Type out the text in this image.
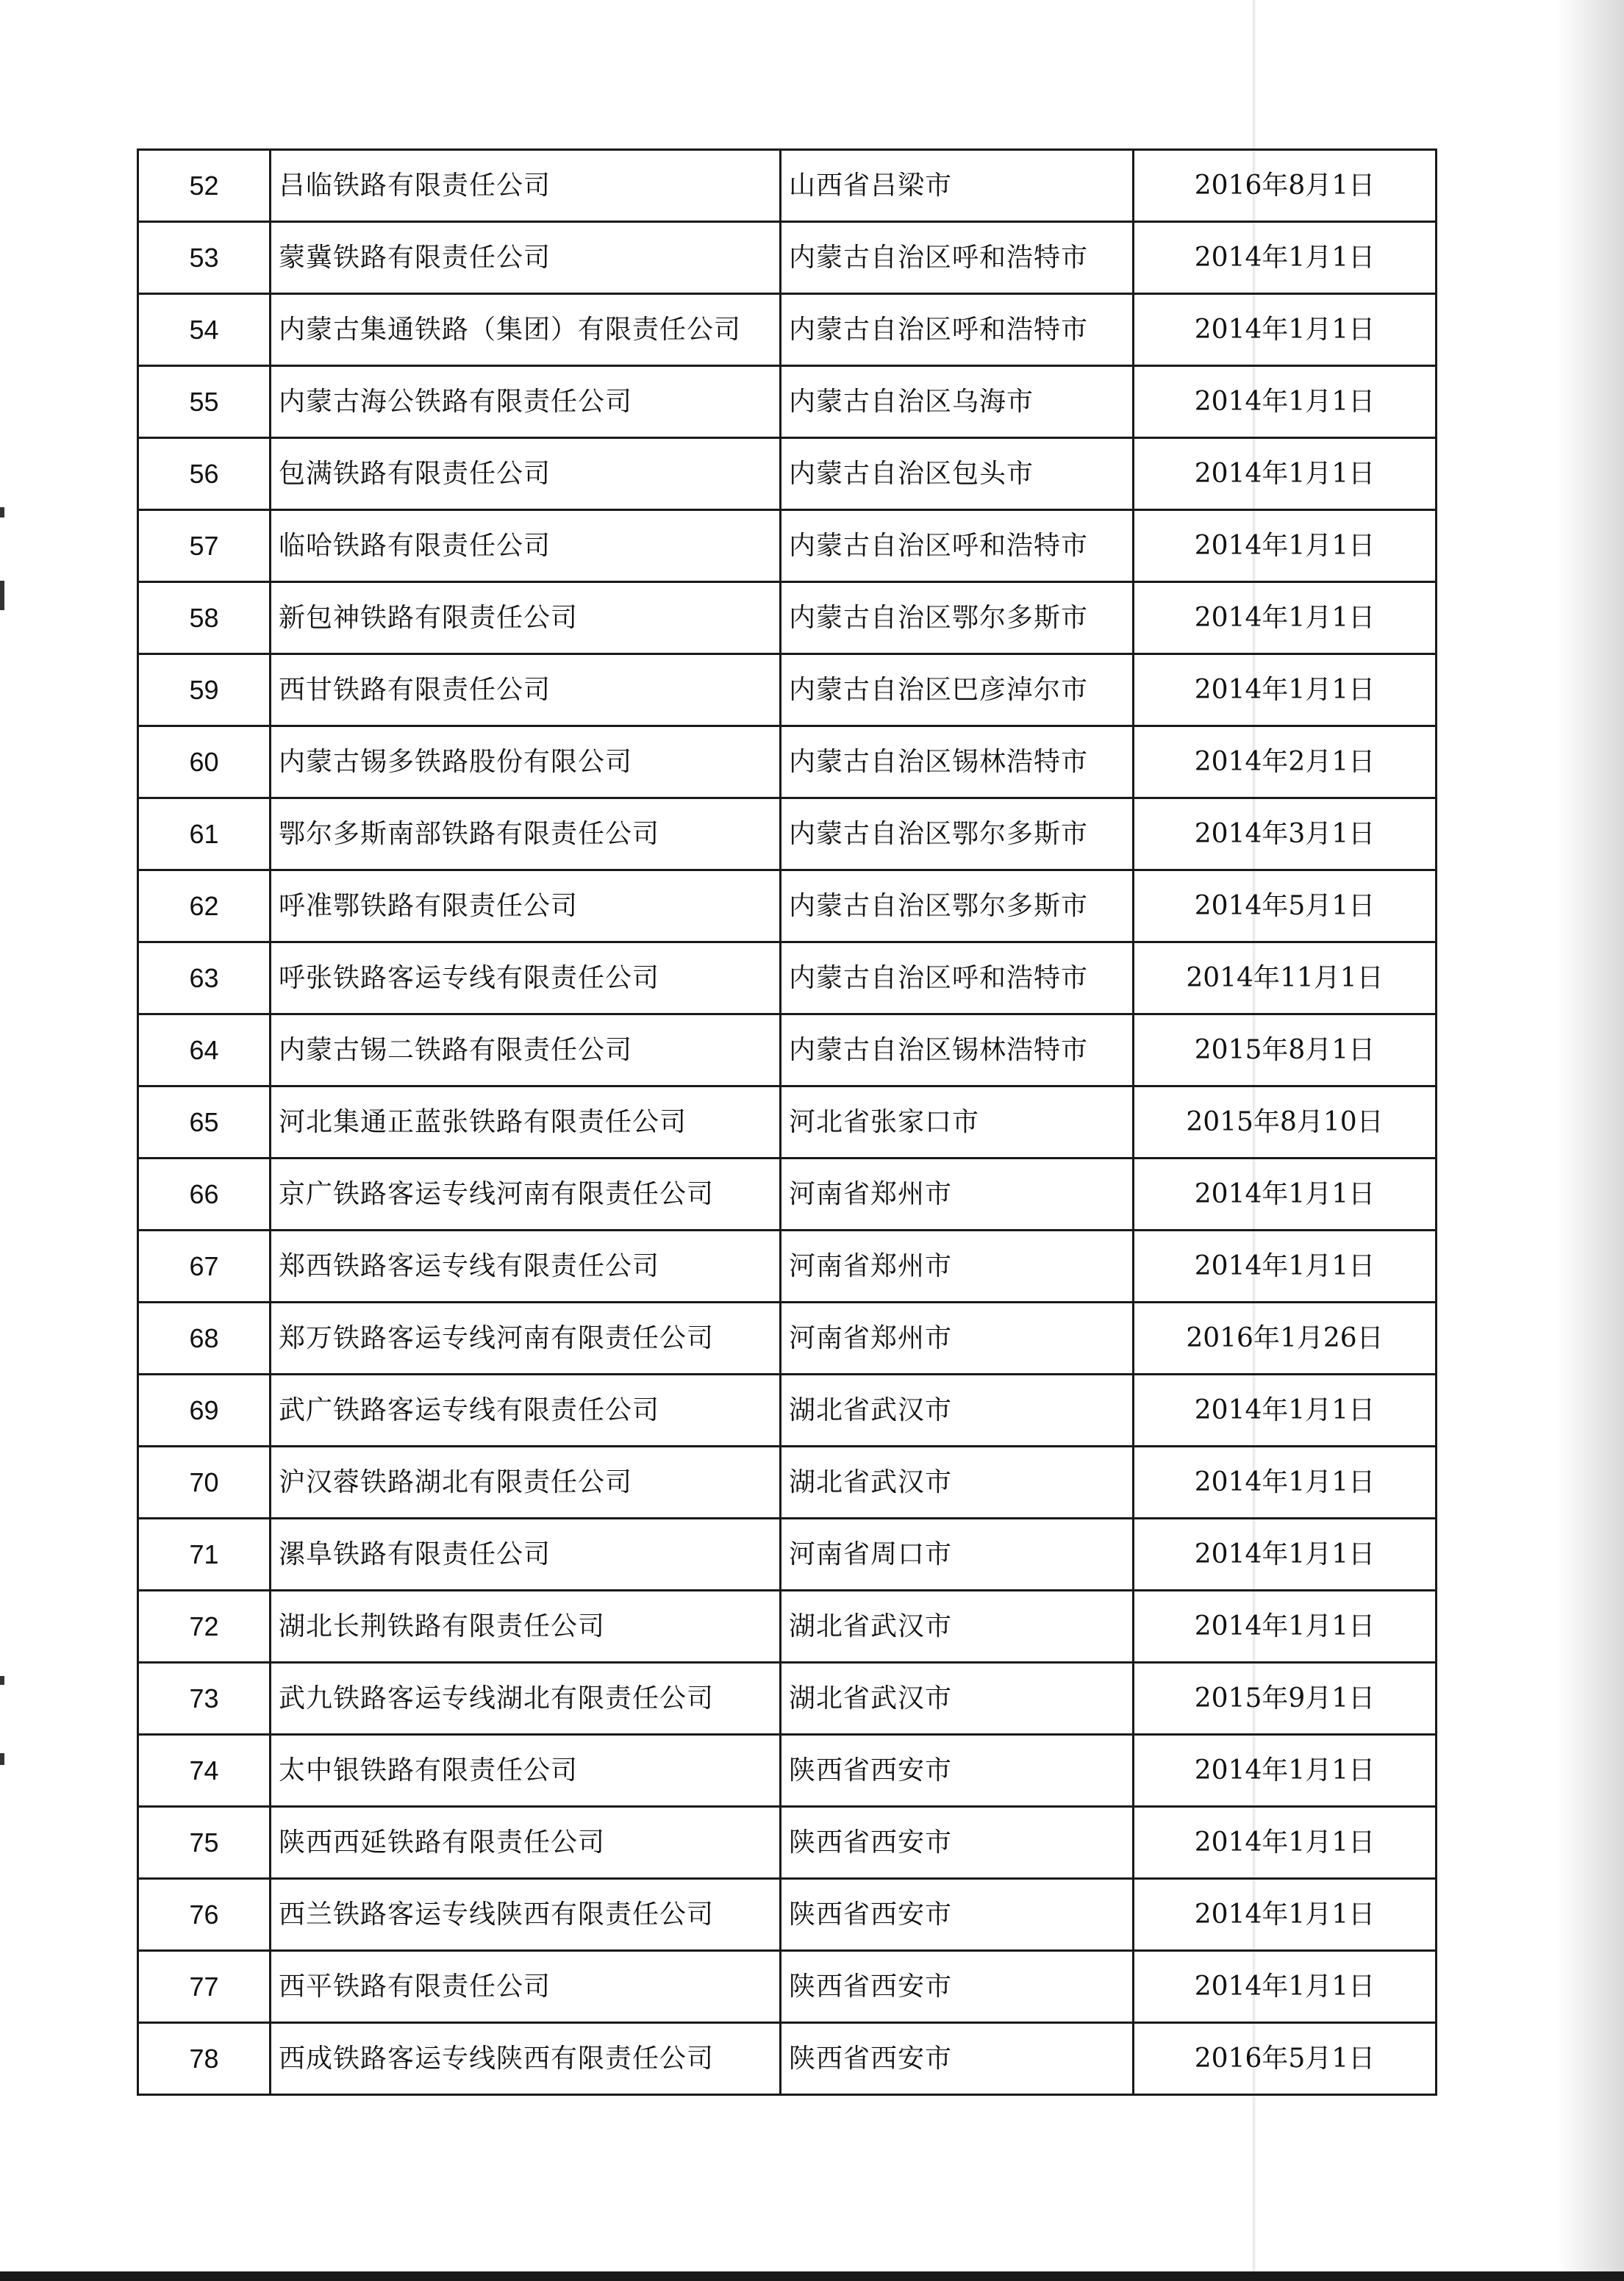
52	吕临铁路有限责任公司	山西省吕梁市	2016年8月1日
53	蒙冀铁路有限责任公司	内蒙古自治区呼和浩特市	2014年1月1日
54	内蒙古集通铁路（集团）有限责任公司	内蒙古自治区呼和浩特市	2014年1月1日
55	内蒙古海公铁路有限责任公司	内蒙古自治区乌海市	2014年1月1日
56	包满铁路有限责任公司	内蒙古自治区包头市	2014年1月1日
57	临哈铁路有限责任公司	内蒙古自治区呼和浩特市	2014年1月1日
58	新包神铁路有限责任公司	内蒙古自治区鄂尔多斯市	2014年1月1日
59	西甘铁路有限责任公司	内蒙古自治区巴彦淖尔市	2014年1月1日
60	内蒙古锡多铁路股份有限公司	内蒙古自治区锡林浩特市	2014年2月1日
61	鄂尔多斯南部铁路有限责任公司	内蒙古自治区鄂尔多斯市	2014年3月1日
62	呼准鄂铁路有限责任公司	内蒙古自治区鄂尔多斯市	2014年5月1日
63	呼张铁路客运专线有限责任公司	内蒙古自治区呼和浩特市	2014年11月1日
64	内蒙古锡二铁路有限责任公司	内蒙古自治区锡林浩特市	2015年8月1日
65	河北集通正蓝张铁路有限责任公司	河北省张家口市	2015年8月10日
66	京广铁路客运专线河南有限责任公司	河南省郑州市	2014年1月1日
67	郑西铁路客运专线有限责任公司	河南省郑州市	2014年1月1日
68	郑万铁路客运专线河南有限责任公司	河南省郑州市	2016年1月26日
69	武广铁路客运专线有限责任公司	湖北省武汉市	2014年1月1日
70	沪汉蓉铁路湖北有限责任公司	湖北省武汉市	2014年1月1日
71	漯阜铁路有限责任公司	河南省周口市	2014年1月1日
72	湖北长荆铁路有限责任公司	湖北省武汉市	2014年1月1日
73	武九铁路客运专线湖北有限责任公司	湖北省武汉市	2015年9月1日
74	太中银铁路有限责任公司	陕西省西安市	2014年1月1日
75	陕西西延铁路有限责任公司	陕西省西安市	2014年1月1日
76	西兰铁路客运专线陕西有限责任公司	陕西省西安市	2014年1月1日
77	西平铁路有限责任公司	陕西省西安市	2014年1月1日
78	西成铁路客运专线陕西有限责任公司	陕西省西安市	2016年5月1日
